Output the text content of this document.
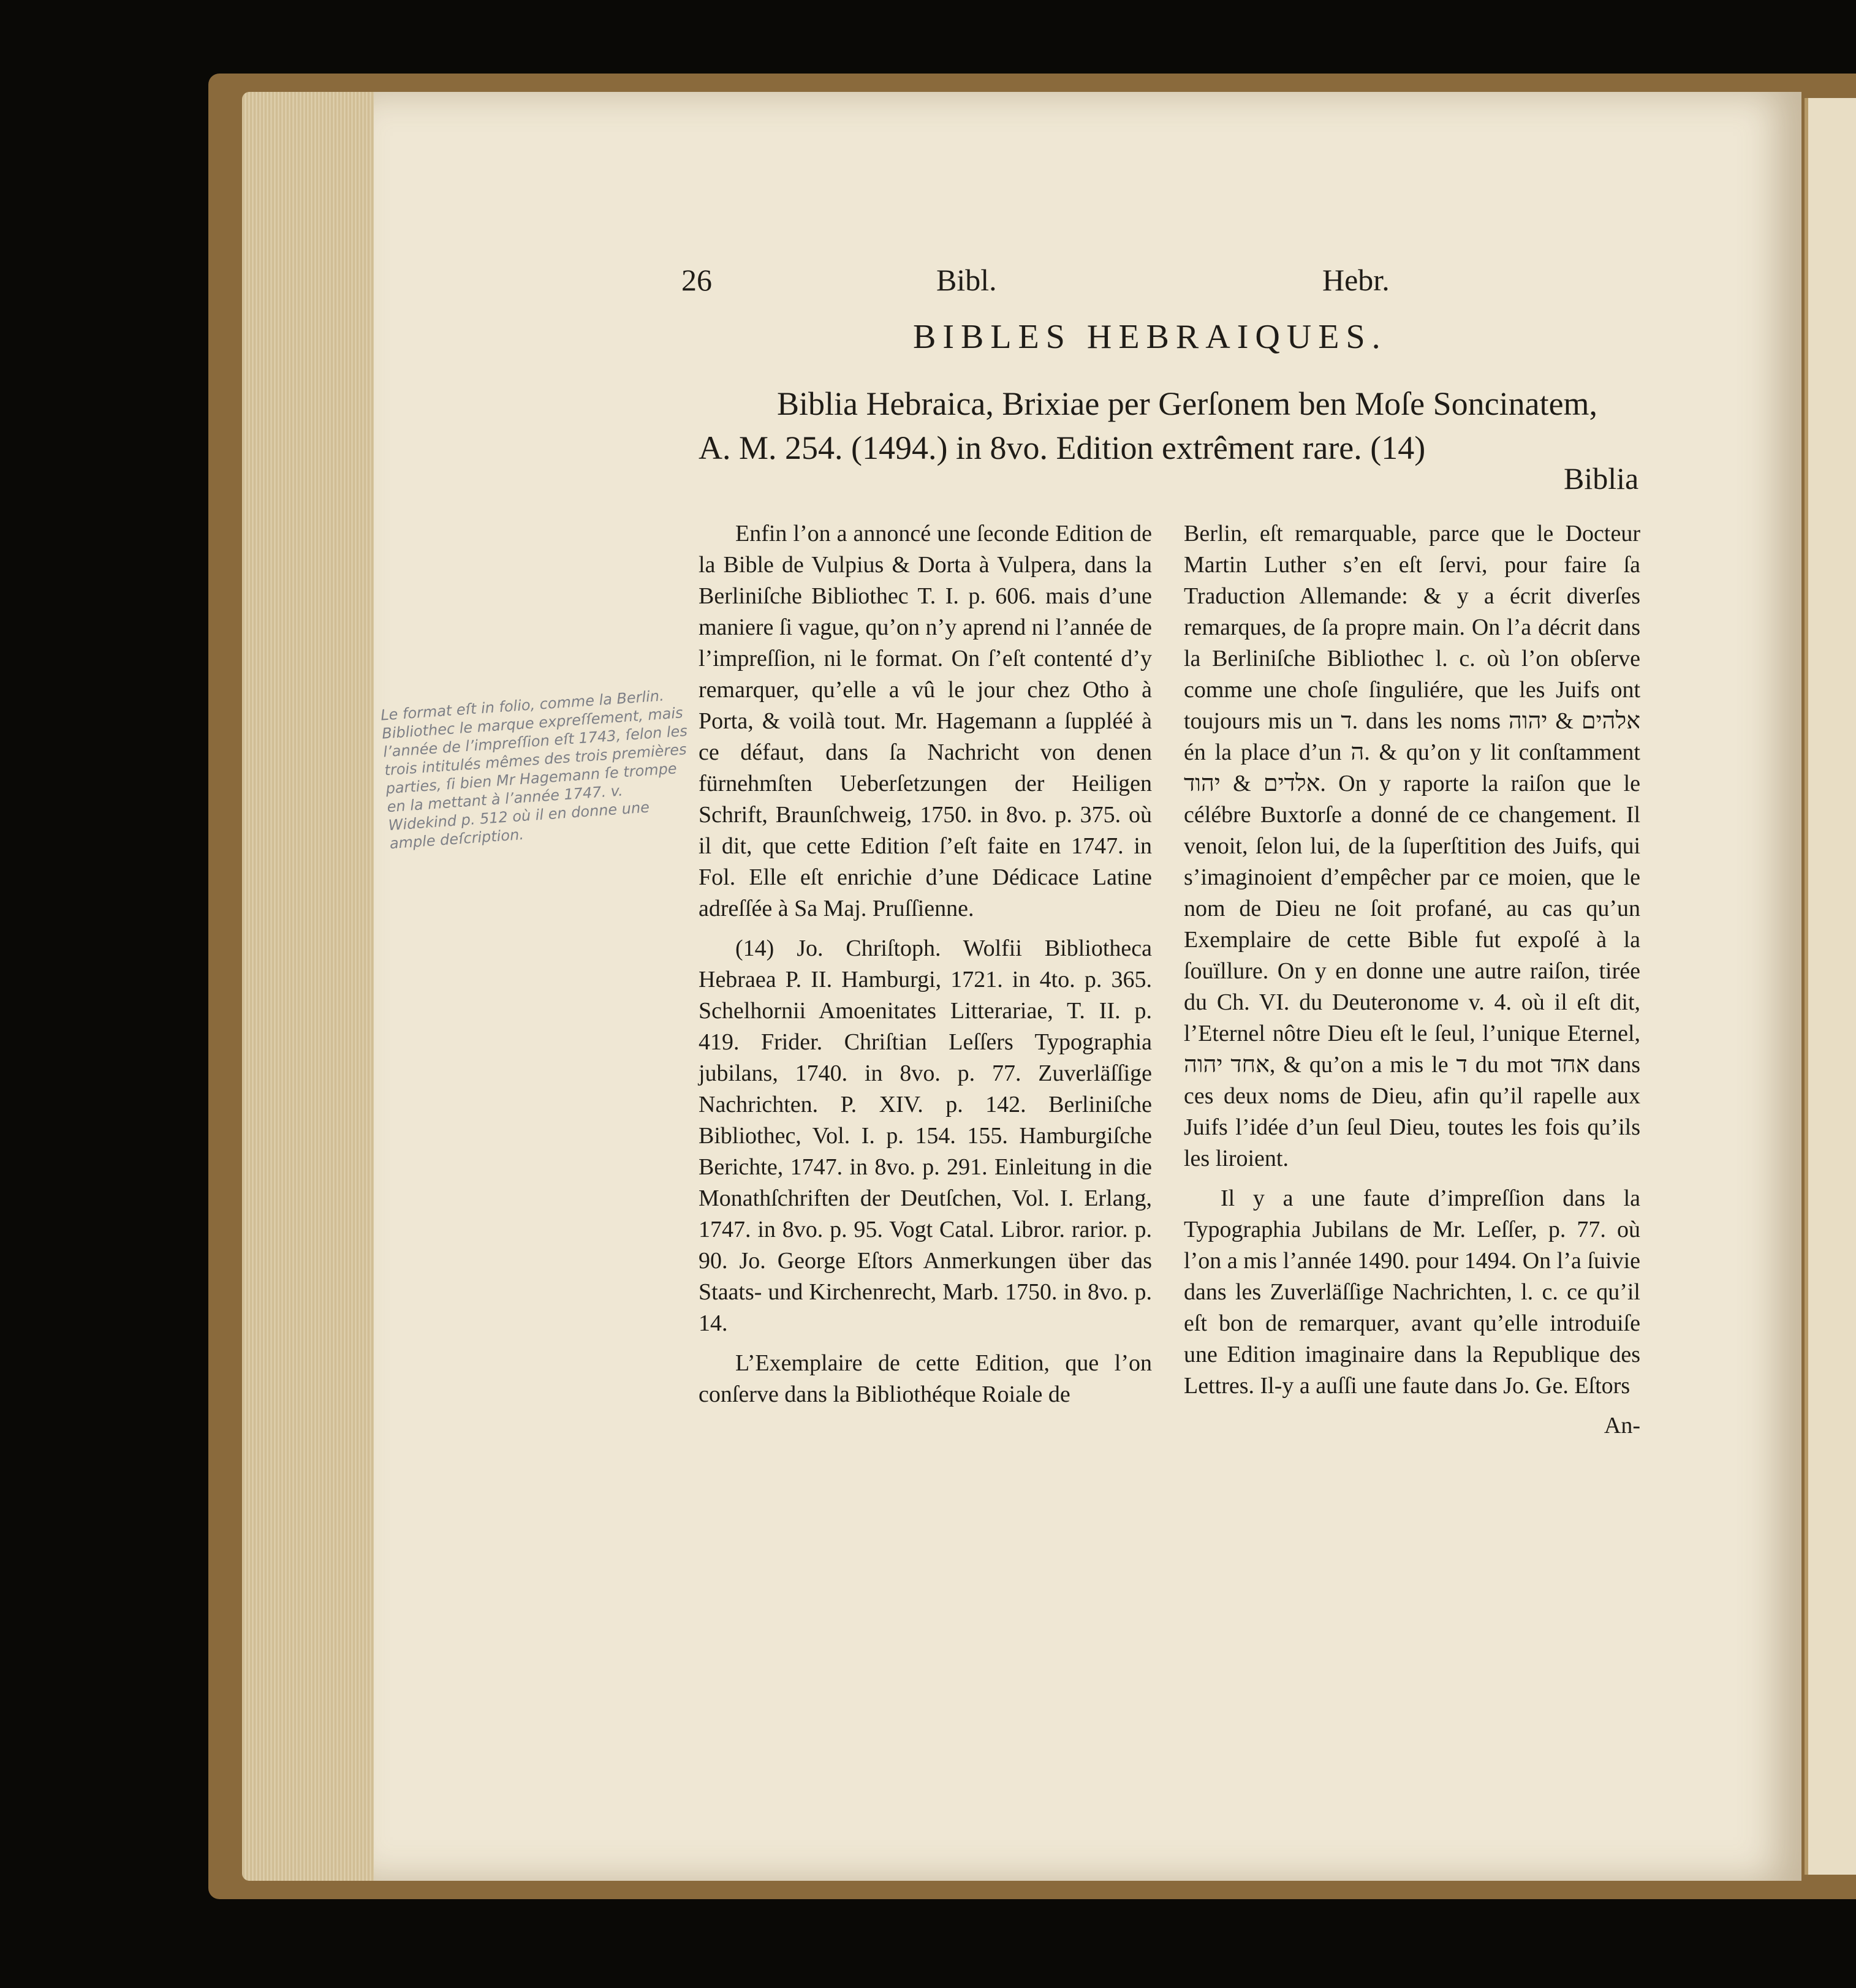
26	Bibl.	Hebr.
BIBLES HEBRAIQUES.
Biblia Hebraica, Brixiae per Gerſonem ben Moſe Soncinatem,
A. M. 254. (1494.) in 8vo. Edition extrêment rare. (14)
Biblia

Enfin l’on a annoncé une ſeconde Edition de la Bible de Vulpius & Dorta à Vulpera, dans la Berliniſche Bibliothec T. I. p. 606. mais d’une maniere ſi vague, qu’on n’y aprend ni l’année de l’impreſſion, ni le format. On ſ’eſt contenté d’y remarquer, qu’elle a vû le jour chez Otho à Porta, & voilà tout. Mr. Hagemann a ſuppléé à ce défaut, dans ſa Nachricht von denen fürnehmſten Ueberſetzungen der Heiligen Schrift, Braunſchweig, 1750. in 8vo. p. 375. où il dit, que cette Edition ſ’eſt faite en 1747. in Fol. Elle eſt enrichie d’une Dédicace Latine adreſſée à Sa Maj. Pruſſienne.

(14) Jo. Chriſtoph. Wolfii Bibliotheca Hebraea P. II. Hamburgi, 1721. in 4to. p. 365. Schelhornii Amoenitates Litterariae, T. II. p. 419. Frider. Chriſtian Leſſers Typographia jubilans, 1740. in 8vo. p. 77. Zuverläſſige Nachrichten. P. XIV. p. 142. Berliniſche Bibliothec, Vol. I. p. 154. 155. Hamburgiſche Berichte, 1747. in 8vo. p. 291. Einleitung in die Monathſchriften der Deutſchen, Vol. I. Erlang, 1747. in 8vo. p. 95. Vogt Catal. Libror. rarior. p. 90. Jo. George Eſtors Anmerkungen über das Staats- und Kirchenrecht, Marb. 1750. in 8vo. p. 14.

L’Exemplaire de cette Edition, que l’on conſerve dans la Bibliothéque Roiale de

Berlin, eſt remarquable, parce que le Docteur Martin Luther s’en eſt ſervi, pour faire ſa Traduction Allemande: & y a écrit diverſes remarques, de ſa propre main. On l’a décrit dans la Berliniſche Bibliothec l. c. où l’on obſerve comme une choſe ſinguliére, que les Juifs ont toujours mis un ד. dans les noms אלהים & יהוה én la place d’un ה. & qu’on y lit conſtamment אלדים & יהוד. On y raporte la raiſon que le célébre Buxtorſe a donné de ce changement. Il venoit, ſelon lui, de la ſuperſtition des Juifs, qui s’imaginoient d’empêcher par ce moien, que le nom de Dieu ne ſoit profané, au cas qu’un Exemplaire de cette Bible fut expoſé à la ſouïllure. On y en donne une autre raiſon, tirée du Ch. VI. du Deuteronome v. 4. où il eſt dit, l’Eternel nôtre Dieu eſt le ſeul, l’unique Eternel, אחד יהוה, & qu’on a mis le ד du mot אחד dans ces deux noms de Dieu, afin qu’il rapelle aux Juifs l’idée d’un ſeul Dieu, toutes les fois qu’ils les liroient.

Il y a une faute d’impreſſion dans la Typographia Jubilans de Mr. Leſſer, p. 77. où l’on a mis l’année 1490. pour 1494. On l’a ſuivie dans les Zuverläſſige Nachrichten, l. c. ce qu’il eſt bon de remarquer, avant qu’elle introduiſe une Edition imaginaire dans la Republique des Lettres. Il-y a auſſi une faute dans Jo. Ge. Eſtors

An-

Le format eſt in folio, comme la Berlin. Bibliothec le marque expreſſement, mais l’année de l’impreſſion eſt 1743, ſelon les trois intitulés mêmes des trois premières parties, ſi bien Mr Hagemann ſe trompe en la mettant à l’année 1747. v. Widekind p. 512 où il en donne une ample deſcription.
